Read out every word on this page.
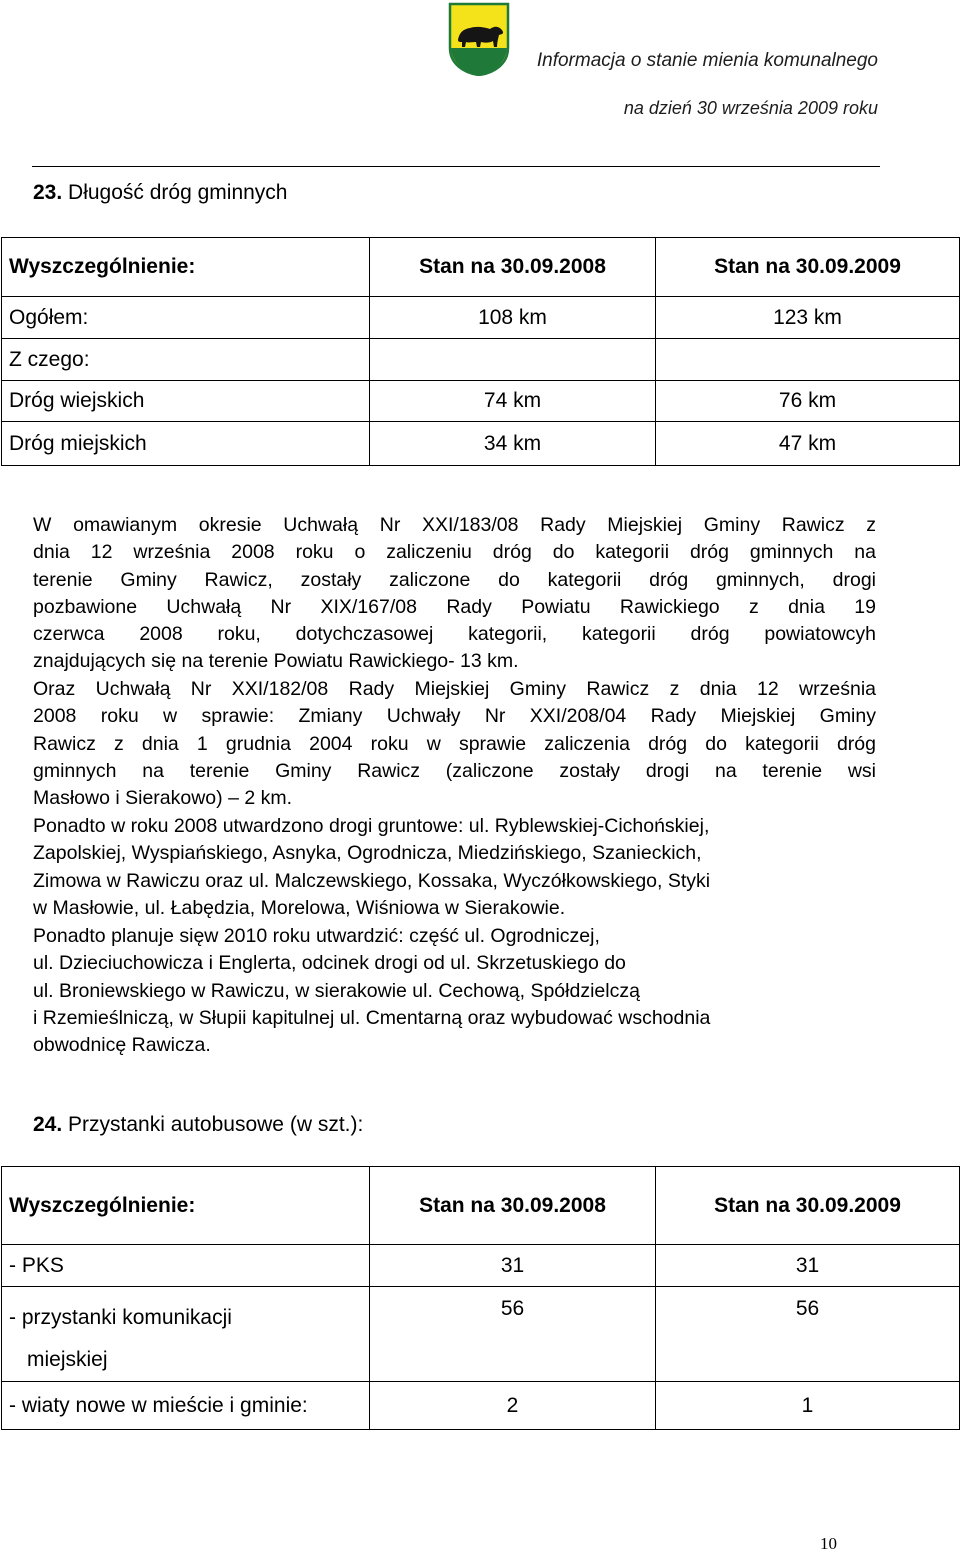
Informacja o stanie mienia komunalnego
na dzień 30 września 2009 roku
23. Długość dróg gminnych
Wyszczególnienie:	Stan na 30.09.2008	Stan na 30.09.2009
Ogółem:	108 km	123 km
Z czego:		
Dróg wiejskich	74 km	76 km
Dróg miejskich	34 km	47 km
W omawianym okresie Uchwałą Nr XXI/183/08 Rady Miejskiej Gminy Rawicz z
dnia 12 września 2008 roku o zaliczeniu dróg do kategorii dróg gminnych na
terenie Gminy Rawicz, zostały zaliczone do kategorii dróg gminnych, drogi
pozbawione Uchwałą Nr XIX/167/08 Rady Powiatu Rawickiego z dnia 19
czerwca 2008 roku, dotychczasowej kategorii, kategorii dróg powiatowcyh
znajdujących się na terenie Powiatu Rawickiego- 13 km.
Oraz Uchwałą Nr XXI/182/08 Rady Miejskiej Gminy Rawicz z dnia 12 września
2008 roku w sprawie: Zmiany Uchwały Nr XXI/208/04 Rady Miejskiej Gminy
Rawicz z dnia 1 grudnia 2004 roku w sprawie zaliczenia dróg do kategorii dróg
gminnych na terenie Gminy Rawicz (zaliczone zostały drogi na terenie wsi
Masłowo i Sierakowo) – 2 km.
Ponadto w roku 2008 utwardzono drogi gruntowe: ul. Ryblewskiej-Cichońskiej,
Zapolskiej, Wyspiańskiego, Asnyka, Ogrodnicza, Miedzińskiego, Szanieckich,
Zimowa w Rawiczu oraz ul. Malczewskiego, Kossaka, Wyczółkowskiego, Styki
w Masłowie, ul. Łabędzia, Morelowa, Wiśniowa w Sierakowie.
Ponadto planuje sięw 2010 roku utwardzić: część ul. Ogrodniczej,
ul. Dzieciuchowicza i Englerta, odcinek drogi od ul. Skrzetuskiego do
ul. Broniewskiego w Rawiczu, w sierakowie ul. Cechową, Spółdzielczą
i Rzemieślniczą, w Słupii kapitulnej ul. Cmentarną oraz wybudować wschodnia
obwodnicę Rawicza.
24. Przystanki autobusowe (w szt.):
Wyszczególnienie:	Stan na 30.09.2008	Stan na 30.09.2009
- PKS	31	31

- przystanki komunikacji
miejskiej	56	56
- wiaty nowe w mieście i gminie:	2	1
10
